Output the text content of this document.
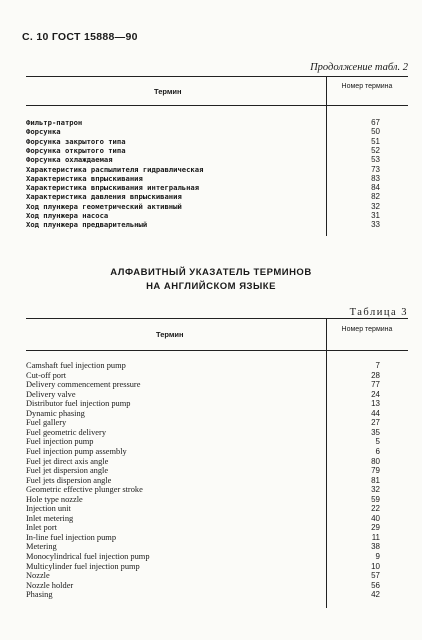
С. 10 ГОСТ 15888—90
Продолжение табл. 2
Термин
Номер термина
Фильтр-патрон	67
Форсунка	50
Форсунка закрытого типа	51
Форсунка открытого типа	52
Форсунка охлаждаемая	53
Характеристика распылителя гидравлическая	73
Характеристика впрыскивания	83
Характеристика впрыскивания интегральная	84
Характеристика давления впрыскивания	82
Ход плунжера геометрический активный	32
Ход плунжера насоса	31
Ход плунжера предварительный	33
АЛФАВИТНЫЙ УКАЗАТЕЛЬ ТЕРМИНОВ
НА АНГЛИЙСКОМ ЯЗЫКЕ
Таблица 3
Термин
Номер термина
Camshaft fuel injection pump	7
Cut-off port	28
Delivery commencement pressure	77
Delivery valve	24
Distributor fuel injection pump	13
Dynamic phasing	44
Fuel gallery	27
Fuel geometric delivery	35
Fuel injection pump	5
Fuel injection pump assembly	6
Fuel jet direct axis angle	80
Fuel jet dispersion angle	79
Fuel jets dispersion angle	81
Geometric effective plunger stroke	32
Hole type nozzle	59
Injection unit	22
Inlet metering	40
Inlet port	29
In-line fuel injection pump	11
Metering	38
Monocylindrical fuel injection pump	9
Multicylinder fuel injection pump	10
Nozzle	57
Nozzle holder	56
Phasing	42
